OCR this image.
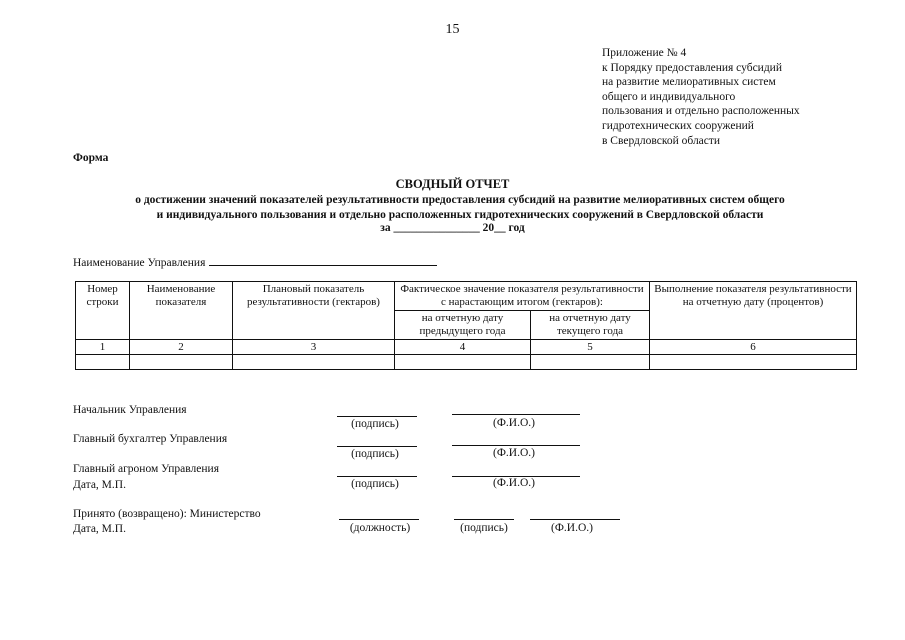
15
Приложение № 4
к Порядку предоставления субсидий
на развитие мелиоративных систем
общего и индивидуального
пользования и отдельно расположенных
гидротехнических сооружений
в Свердловской области
Форма
СВОДНЫЙ ОТЧЕТ
о достижении значений показателей результативности предоставления субсидий на развитие мелиоративных систем общего
и индивидуального пользования и отдельно расположенных гидротехнических сооружений в Свердловской области
за _______________ 20__ год
Наименование Управления
Номер строки	Наименование показателя	Плановый показатель результативности (гектаров)	Фактическое значение показателя результативности с нарастающим итогом (гектаров):		Выполнение показателя результативности на отчетную дату (процентов)
			на отчетную дату предыдущего года	на отчетную дату текущего года	
1	2	3	4	5	6

Начальник Управления
(подпись)	(Ф.И.О.)
Главный бухгалтер Управления
(подпись)	(Ф.И.О.)
Главный агроном Управления
Дата, М.П.	(подпись)	(Ф.И.О.)
Принято (возвращено): Министерство
Дата, М.П.	(должность)	(подпись)	(Ф.И.О.)
